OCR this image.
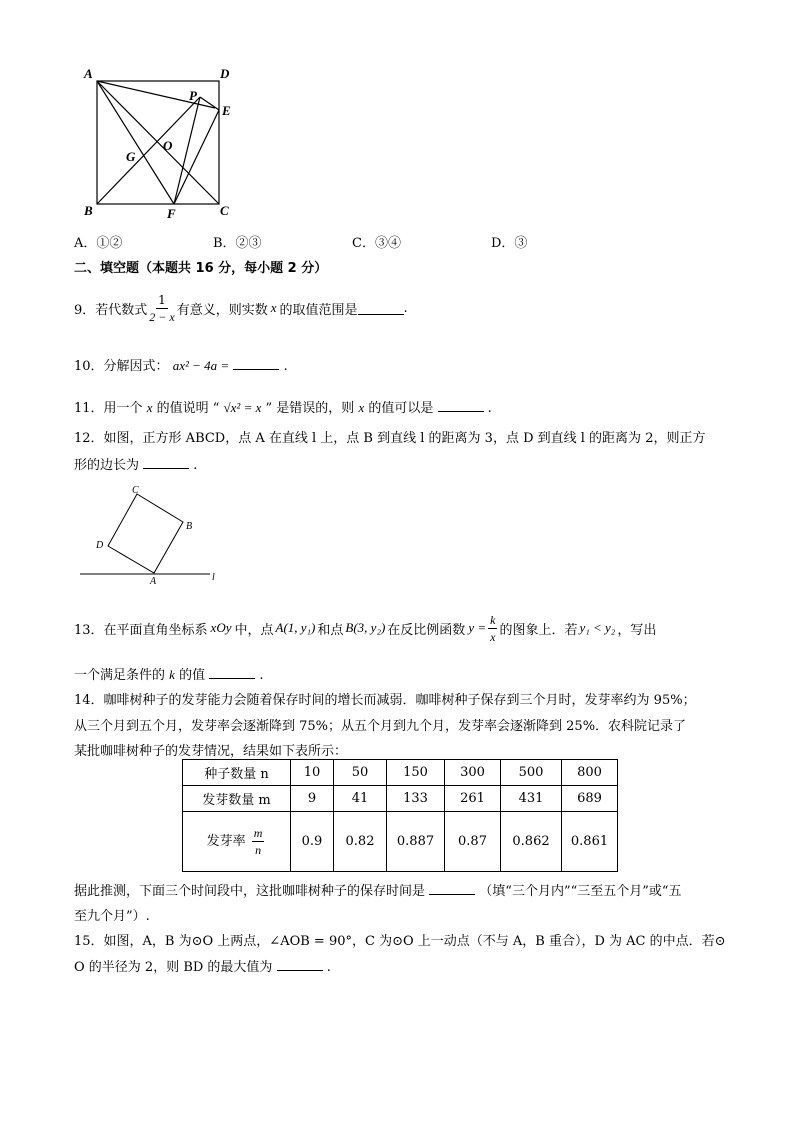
A	D
P
E
O
G
B	F	C
A．①②	B．②③	C．③④	D．③
二、填空题（本题共 16 分，每小题 2 分）
9．若代数式 $\frac{1}{2 - x}$ 有意义，则实数 x 的取值范围是	.
10．分解因式： ax² − 4a =	.
11．用一个 x 的值说明 “ √x² = x ” 是错误的，则 x 的值可以是	.
12．如图，正方形 ABCD，点 A 在直线 l 上，点 B 到直线 l 的距离为 3，点 D 到直线 l 的距离为 2，则正方
形的边长为	.
C
B
D
A	l
13．在平面直角坐标系 xOy 中，点 A(1, y₁) 和点 B(3, y₂) 在反比例函数 $y = \frac{k}{x}$ 的图象上．若 y₁ < y₂ ，写出
一个满足条件的 k 的值	.
14．咖啡树种子的发芽能力会随着保存时间的增长而减弱．咖啡树种子保存到三个月时，发芽率约为 95%；
从三个月到五个月，发芽率会逐渐降到 75%；从五个月到九个月，发芽率会逐渐降到 25%．农科院记录了
某批咖啡树种子的发芽情况，结果如下表所示：
种子数量 n	10	50	150	300	500	800
发芽数量 m	9	41	133	261	431	689
发芽率 $\frac{m}{n}$	0.9	0.82	0.887	0.87	0.862	0.861
据此推测，下面三个时间段中，这批咖啡树种子的保存时间是	（填“三个月内”“三至五个月”或“五
至九个月”）.
15．如图，A，B 为⊙O 上两点，∠AOB = 90°，C 为⊙O 上一动点（不与 A，B 重合），D 为 AC 的中点．若⊙
O 的半径为 2，则 BD 的最大值为	.
